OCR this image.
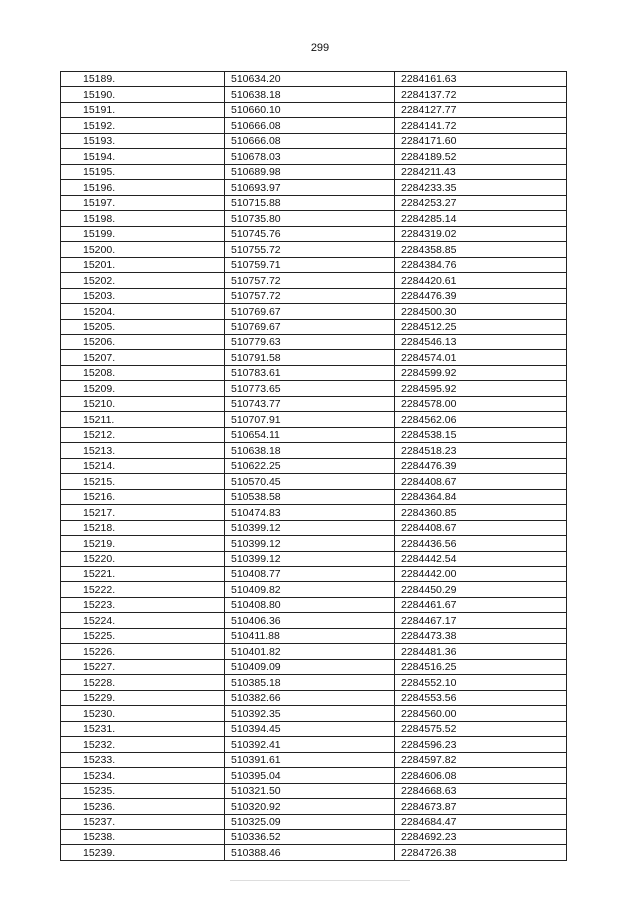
299
15189.	510634.20	2284161.63
15190.	510638.18	2284137.72
15191.	510660.10	2284127.77
15192.	510666.08	2284141.72
15193.	510666.08	2284171.60
15194.	510678.03	2284189.52
15195.	510689.98	2284211.43
15196.	510693.97	2284233.35
15197.	510715.88	2284253.27
15198.	510735.80	2284285.14
15199.	510745.76	2284319.02
15200.	510755.72	2284358.85
15201.	510759.71	2284384.76
15202.	510757.72	2284420.61
15203.	510757.72	2284476.39
15204.	510769.67	2284500.30
15205.	510769.67	2284512.25
15206.	510779.63	2284546.13
15207.	510791.58	2284574.01
15208.	510783.61	2284599.92
15209.	510773.65	2284595.92
15210.	510743.77	2284578.00
15211.	510707.91	2284562.06
15212.	510654.11	2284538.15
15213.	510638.18	2284518.23
15214.	510622.25	2284476.39
15215.	510570.45	2284408.67
15216.	510538.58	2284364.84
15217.	510474.83	2284360.85
15218.	510399.12	2284408.67
15219.	510399.12	2284436.56
15220.	510399.12	2284442.54
15221.	510408.77	2284442.00
15222.	510409.82	2284450.29
15223.	510408.80	2284461.67
15224.	510406.36	2284467.17
15225.	510411.88	2284473.38
15226.	510401.82	2284481.36
15227.	510409.09	2284516.25
15228.	510385.18	2284552.10
15229.	510382.66	2284553.56
15230.	510392.35	2284560.00
15231.	510394.45	2284575.52
15232.	510392.41	2284596.23
15233.	510391.61	2284597.82
15234.	510395.04	2284606.08
15235.	510321.50	2284668.63
15236.	510320.92	2284673.87
15237.	510325.09	2284684.47
15238.	510336.52	2284692.23
15239.	510388.46	2284726.38
